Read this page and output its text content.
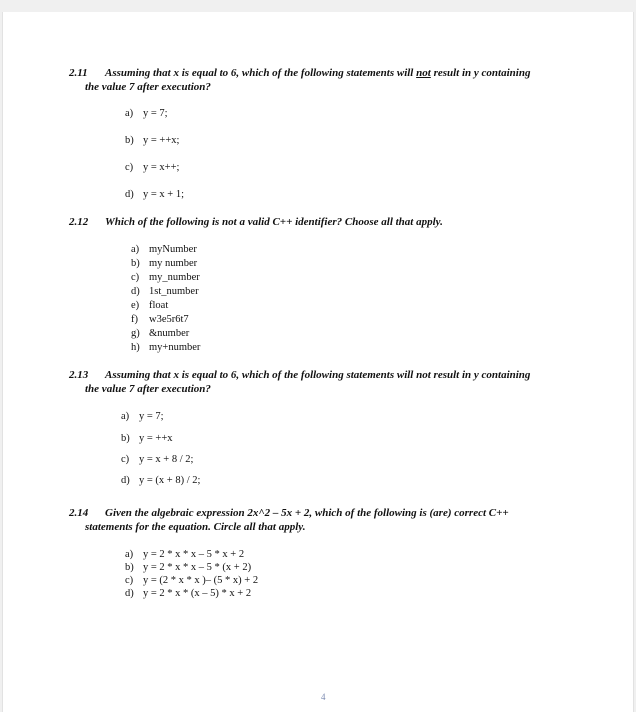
2.11 Assuming that x is equal to 6, which of the following statements will not result in y containing
the value 7 after execution?
a) y = 7;
b) y = ++x;
c) y = x++;
d) y = x + 1;
2.12 Which of the following is not a valid C++ identifier? Choose all that apply.
a) myNumber
b) my number
c) my_number
d) 1st_number
e) float
f) w3e5r6t7
g) &number
h) my+number
2.13 Assuming that x is equal to 6, which of the following statements will not result in y containing
the value 7 after execution?
a) y = 7;
b) y = ++x
c) y = x + 8 / 2;
d) y = (x + 8) / 2;
2.14 Given the algebraic expression 2x^2 – 5x + 2, which of the following is (are) correct C++
statements for the equation. Circle all that apply.
a) y = 2 * x * x – 5 * x + 2
b) y = 2 * x * x – 5 * (x + 2)
c) y = (2 * x * x )– (5 * x) + 2
d) y = 2 * x * (x – 5) * x + 2
4
